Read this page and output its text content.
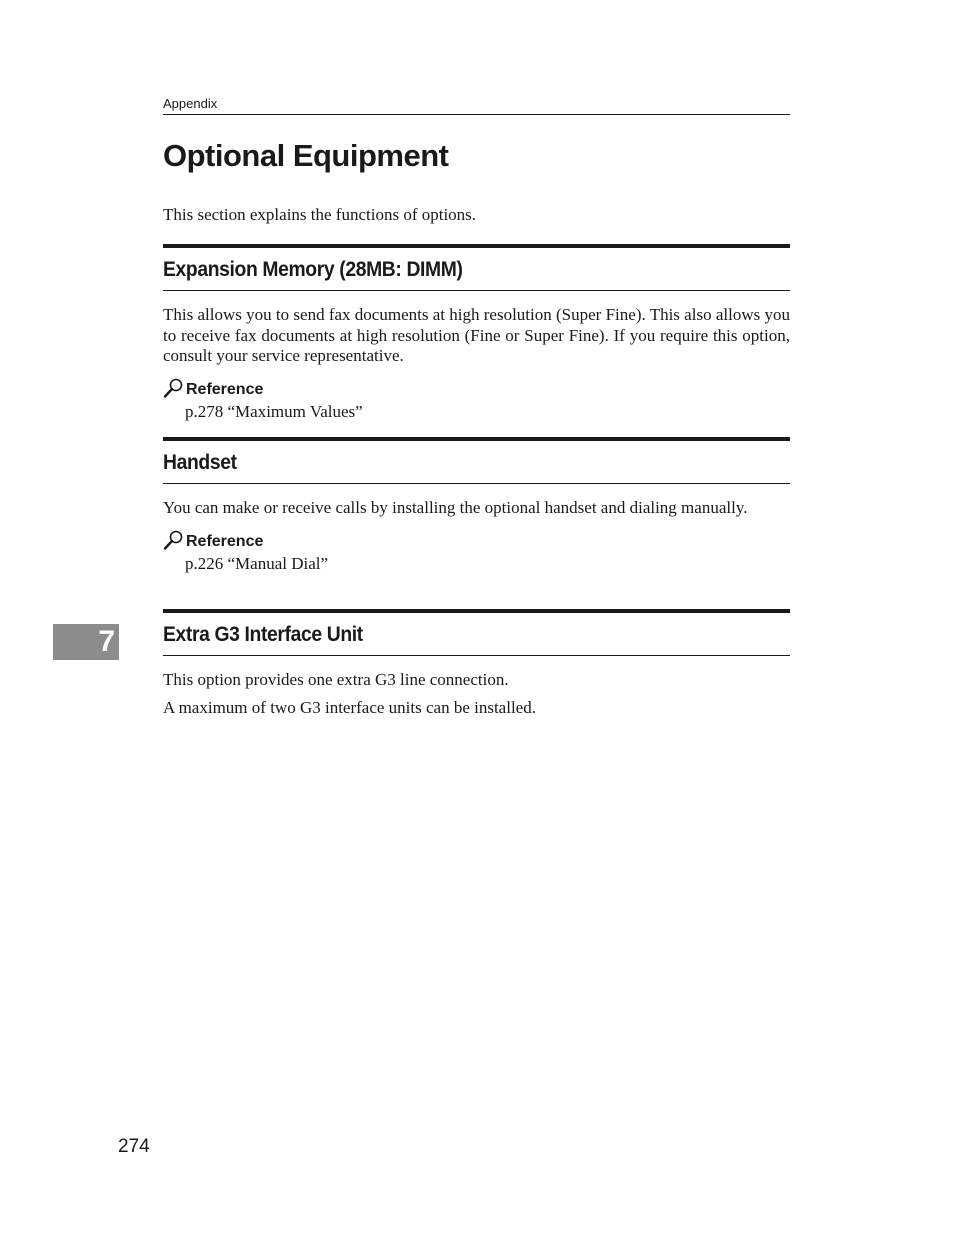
Appendix
Optional Equipment

This section explains the functions of options.

Expansion Memory (28MB: DIMM)

This allows you to send fax documents at high resolution (Super Fine). This also allows you to receive fax documents at high resolution (Fine or Super Fine). If you require this option, consult your service representative.

Reference
p.278 “Maximum Values”
Handset

You can make or receive calls by installing the optional handset and dialing manually.

Reference
p.226 “Manual Dial”
Extra G3 Interface Unit

This option provides one extra G3 line connection.

A maximum of two G3 interface units can be installed.

7
274
